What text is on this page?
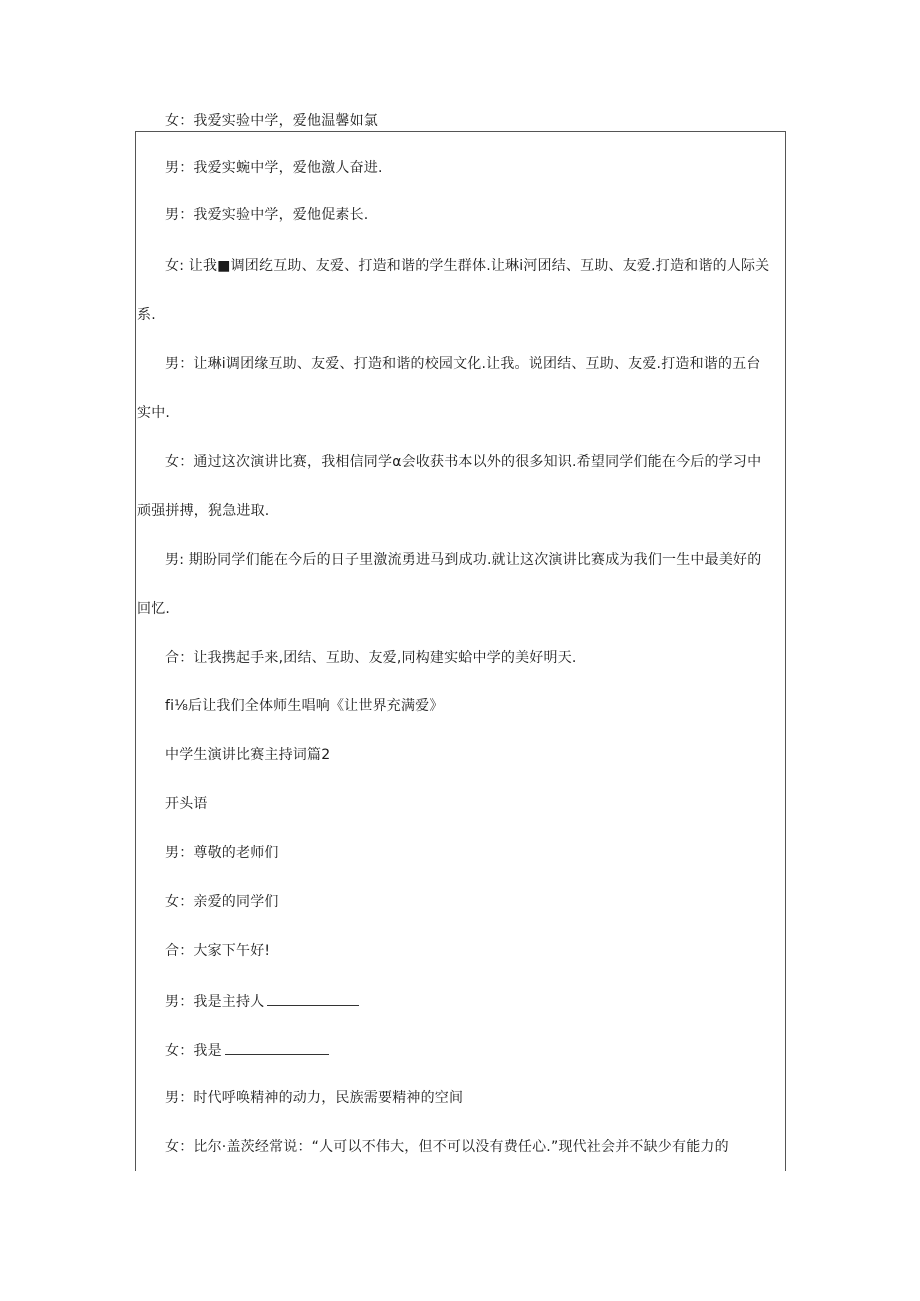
女：我爱实验中学，爱他温馨如氯
男：我爱实蜿中学，爱他激人奋进.
男：我爱实验中学，爱他促素长.
女: 让我■调团纥互助、友爱、打造和谐的学生群体.让琳i河团结、互助、友爱.打造和谐的人际关
系.
男：让琳i调团缘互助、友爱、打造和谐的校园文化.让我。说团结、互助、友爱.打造和谐的五台
实中.
女：通过这次演讲比赛，我相信同学α会收获书本以外的很多知识.希望同学们能在今后的学习中
顽强拼搏，猊急进取.
男: 期盼同学们能在今后的日子里激流勇进马到成功.就让这次演讲比赛成为我们一生中最美好的
回忆.
合：让我携起手来,团结、互助、友爱,同构建实蛤中学的美好明天.
fi⅛后让我们全体师生唱响《让世界充满爱》
中学生演讲比赛主持词篇2
开头语
男：尊敬的老师们
女：亲爱的同学们
合：大家下午好!
男：我是主持人
女：我是
男：时代呼唤精神的动力，民族需要精神的空间
女：比尔·盖茨经常说：“人可以不伟大，但不可以没有费任心.”现代社会并不缺少有能力的
